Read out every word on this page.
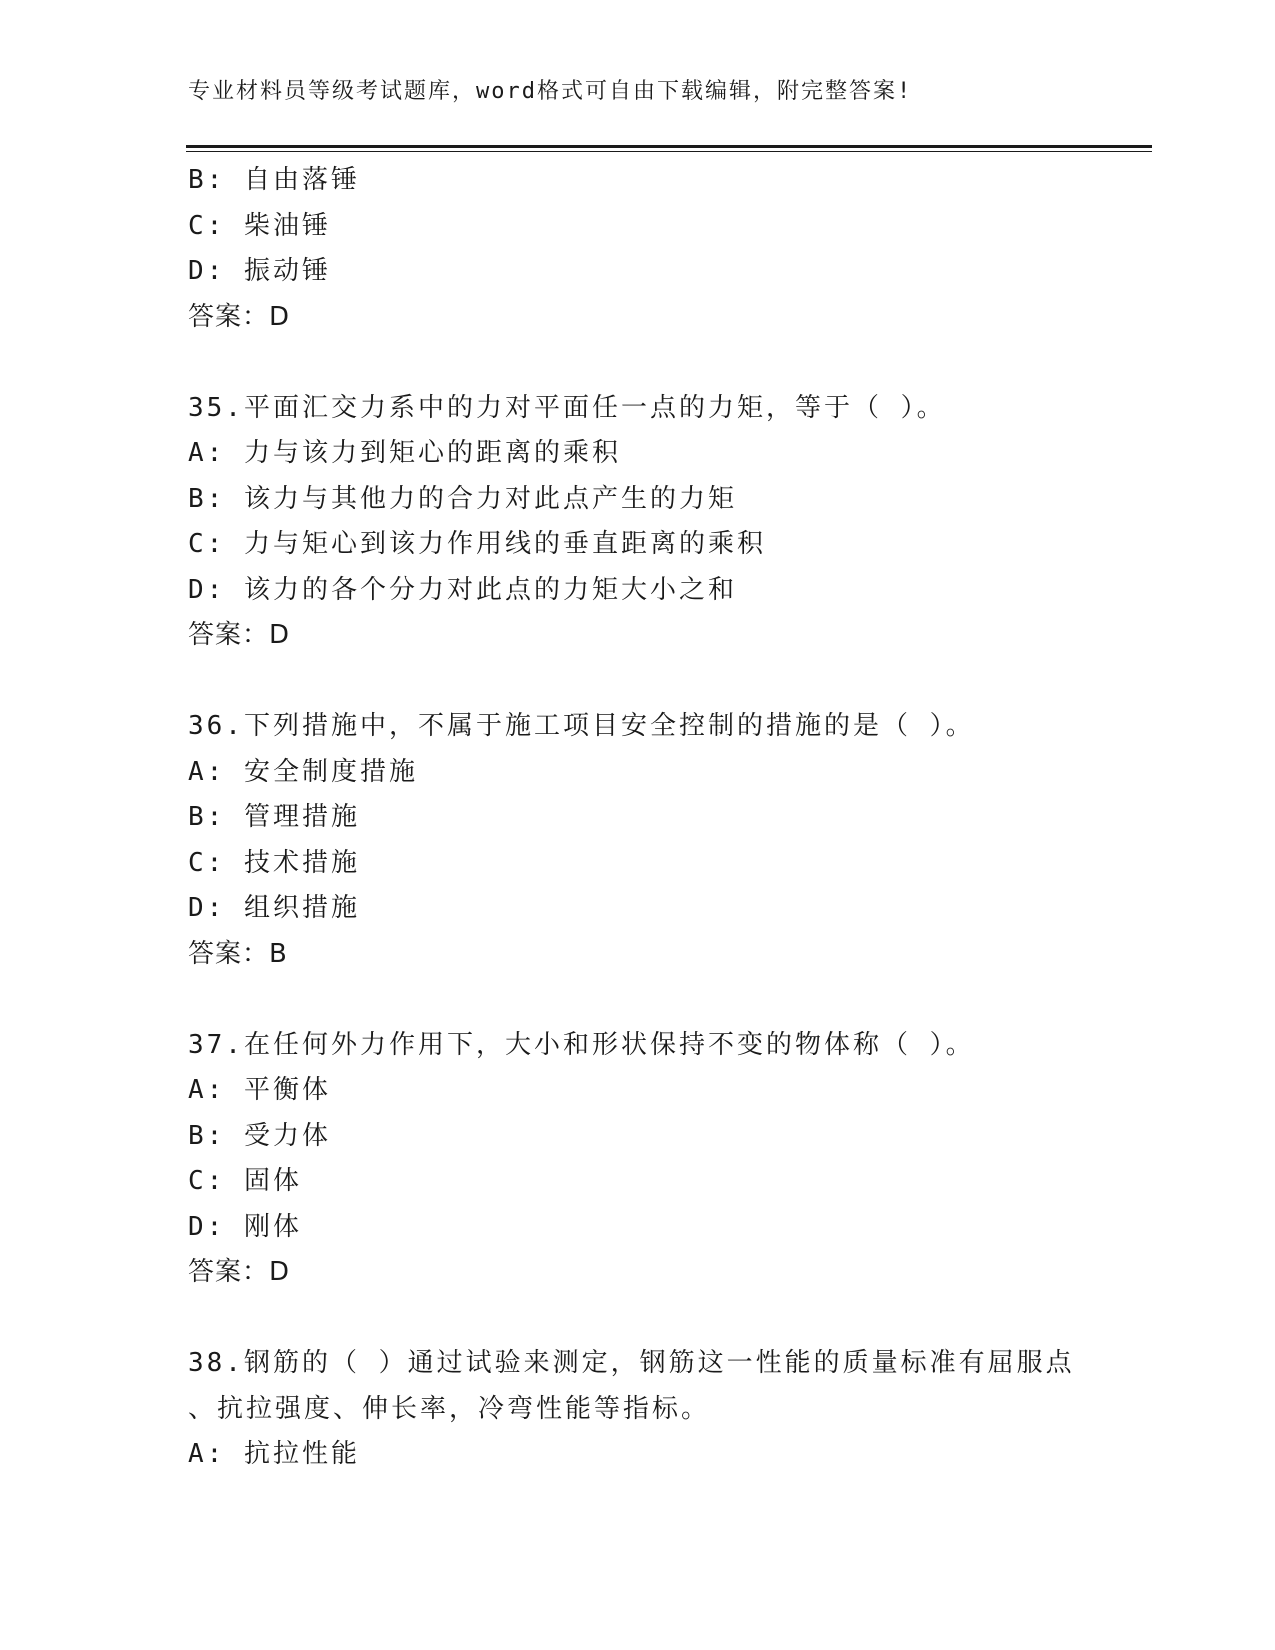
专业材料员等级考试题库，word格式可自由下载编辑，附完整答案!
B: 自由落锤
C: 柴油锤
D: 振动锤
答案：D
35.平面汇交力系中的力对平面任一点的力矩，等于（ ）。
A: 力与该力到矩心的距离的乘积
B: 该力与其他力的合力对此点产生的力矩
C: 力与矩心到该力作用线的垂直距离的乘积
D: 该力的各个分力对此点的力矩大小之和
答案：D
36.下列措施中，不属于施工项目安全控制的措施的是（ ）。
A: 安全制度措施
B: 管理措施
C: 技术措施
D: 组织措施
答案：B
37.在任何外力作用下，大小和形状保持不变的物体称（ ）。
A: 平衡体
B: 受力体
C: 固体
D: 刚体
答案：D
38.钢筋的（ ）通过试验来测定，钢筋这一性能的质量标准有屈服点
、抗拉强度、伸长率，冷弯性能等指标。
A: 抗拉性能
